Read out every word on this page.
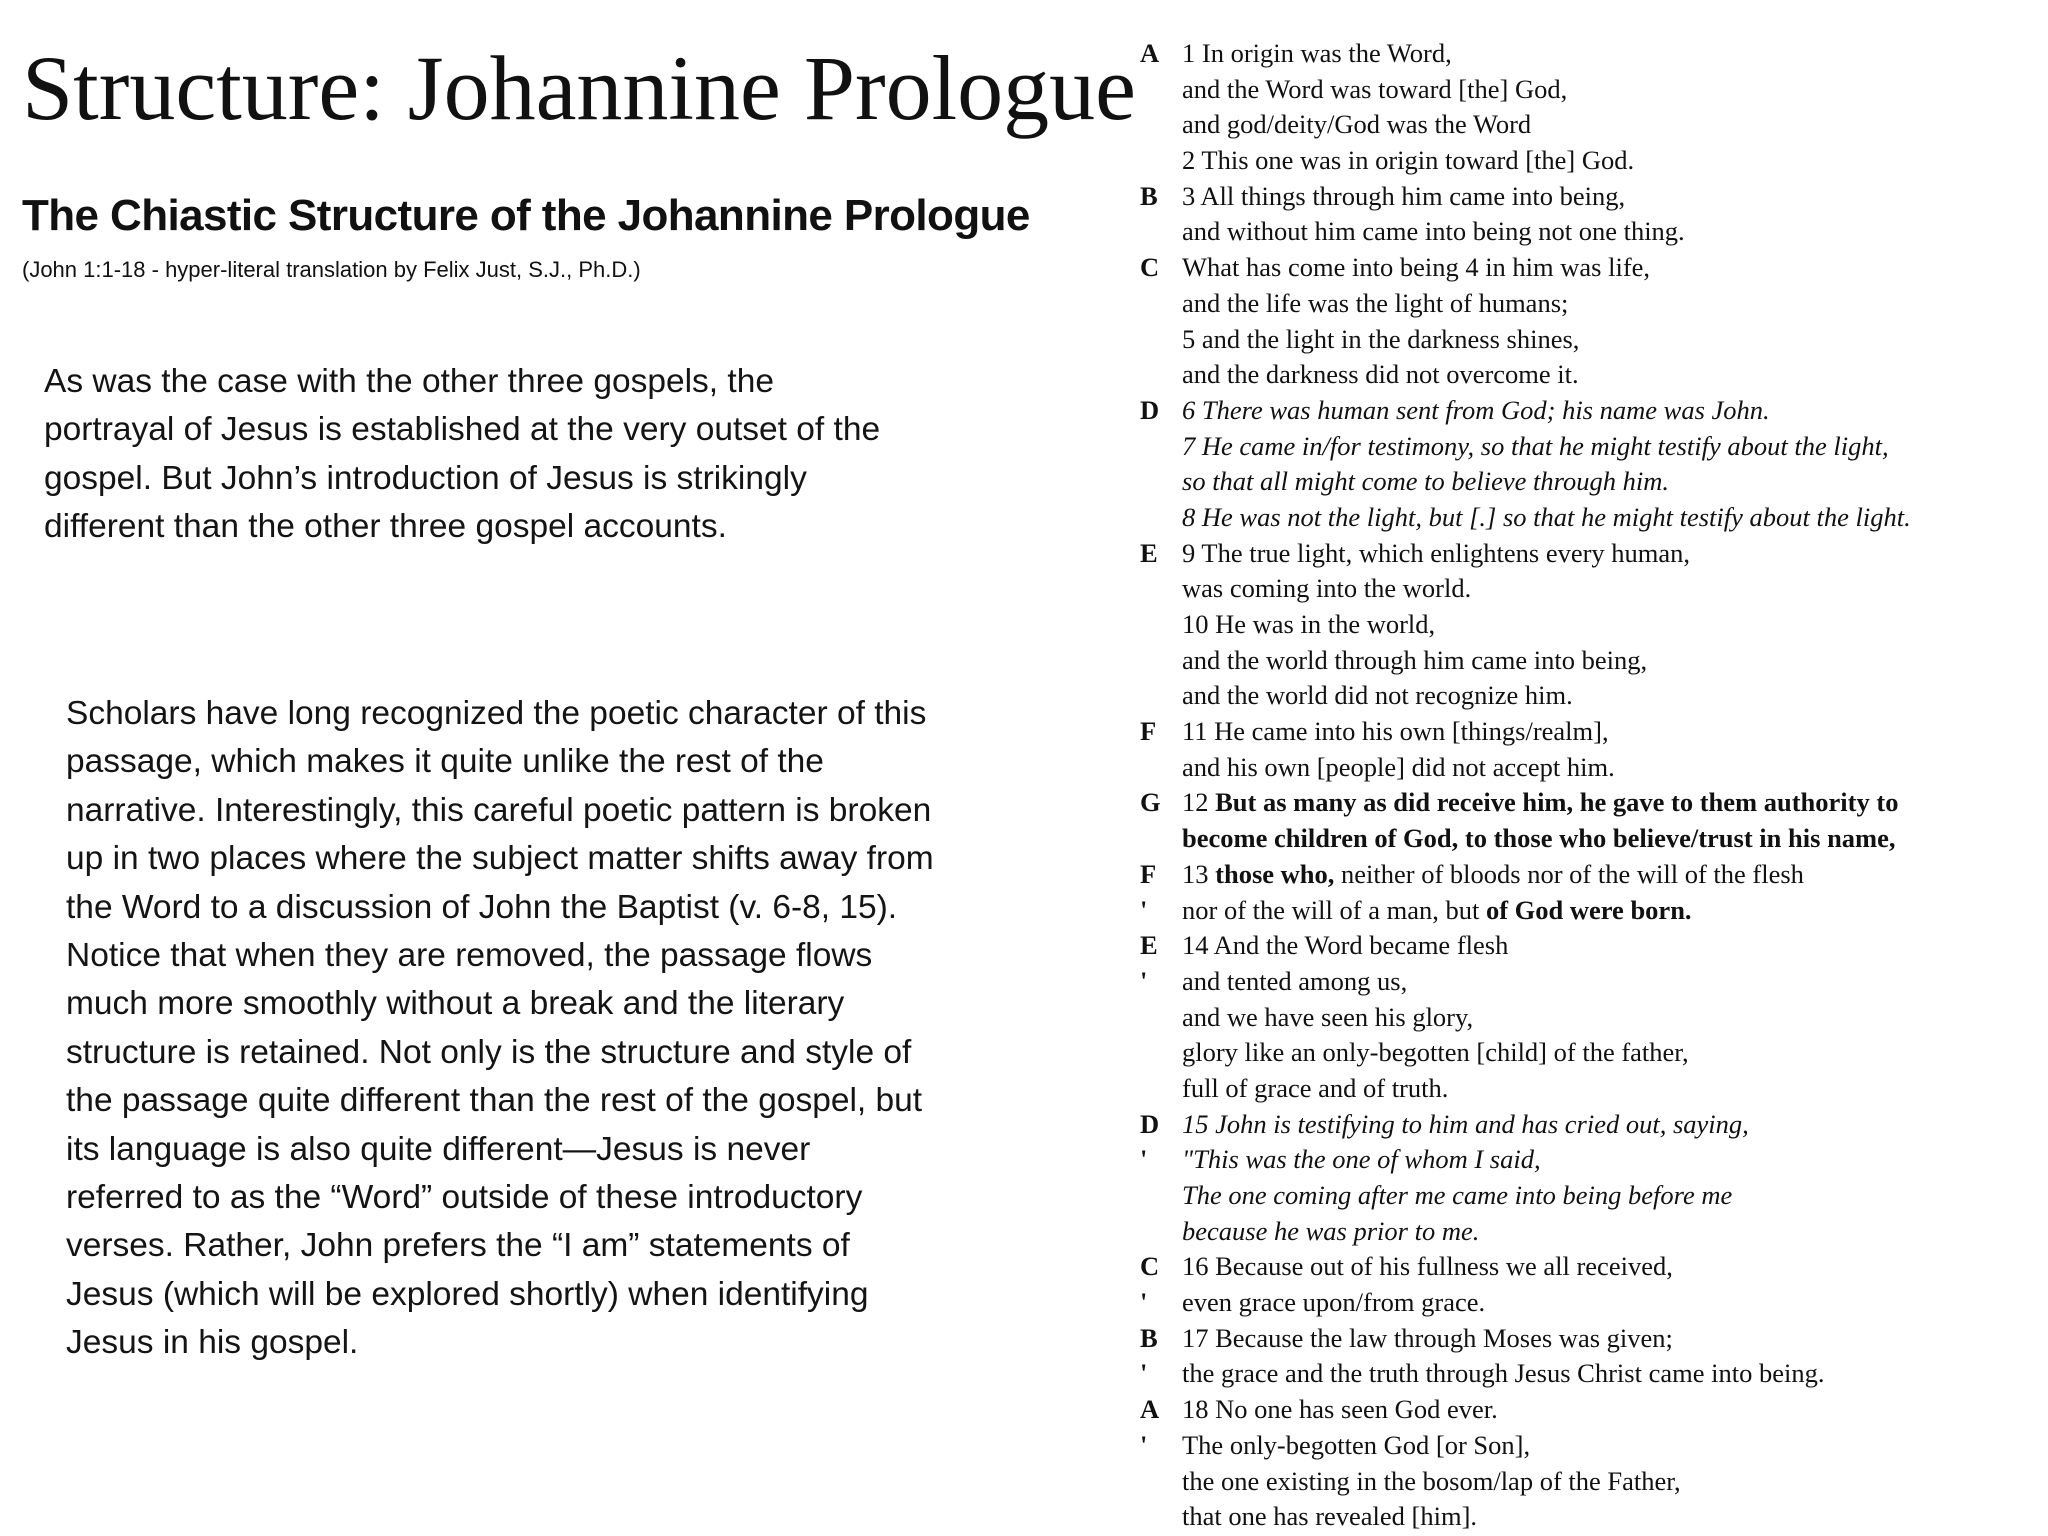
Structure: Johannine Prologue
The Chiastic Structure of the Johannine Prologue

(John 1:1-18 - hyper-literal translation by Felix Just, S.J., Ph.D.)

As was the case with the other three gospels, the portrayal of Jesus is established at the very outset of the gospel. But John’s introduction of Jesus is strikingly different than the other three gospel accounts.

Scholars have long recognized the poetic character of this passage, which makes it quite unlike the rest of the narrative. Interestingly, this careful poetic pattern is broken up in two places where the subject matter shifts away from the Word to a discussion of John the Baptist (v. 6-8, 15). Notice that when they are removed, the passage flows much more smoothly without a break and the literary structure is retained. Not only is the structure and style of the passage quite different than the rest of the gospel, but its language is also quite different—Jesus is never referred to as the “Word” outside of these introductory verses. Rather, John prefers the “I am” statements of Jesus (which will be explored shortly) when identifying Jesus in his gospel.

A 1 In origin was the Word,
and the Word was toward [the] God,
and god/deity/God was the Word
2 This one was in origin toward [the] God.
B 3 All things through him came into being,
and without him came into being not one thing.
C What has come into being 4 in him was life,
and the life was the light of humans;
5 and the light in the darkness shines,
and the darkness did not overcome it.
D 6 There was human sent from God; his name was John.
7 He came in/for testimony, so that he might testify about the light,
so that all might come to believe through him.
8 He was not the light, but [.] so that he might testify about the light.
E 9 The true light, which enlightens every human,
was coming into the world.
10 He was in the world,
and the world through him came into being,
and the world did not recognize him.
F 11 He came into his own [things/realm],
and his own [people] did not accept him.
G 12 But as many as did receive him, he gave to them authority to
become children of God, to those who believe/trust in his name,
F 13 those who, neither of bloods nor of the will of the flesh
'	nor of the will of a man, but of God were born.
E 14 And the Word became flesh
'	and tented among us,
and we have seen his glory,
glory like an only-begotten [child] of the father,
full of grace and of truth.
D 15 John is testifying to him and has cried out, saying,
'	"This was the one of whom I said,
The one coming after me came into being before me
because he was prior to me.
C 16 Because out of his fullness we all received,
'	even grace upon/from grace.
B 17 Because the law through Moses was given;
'	the grace and the truth through Jesus Christ came into being.
A 18 No one has seen God ever.
'	The only-begotten God [or Son],
the one existing in the bosom/lap of the Father,
that one has revealed [him].
